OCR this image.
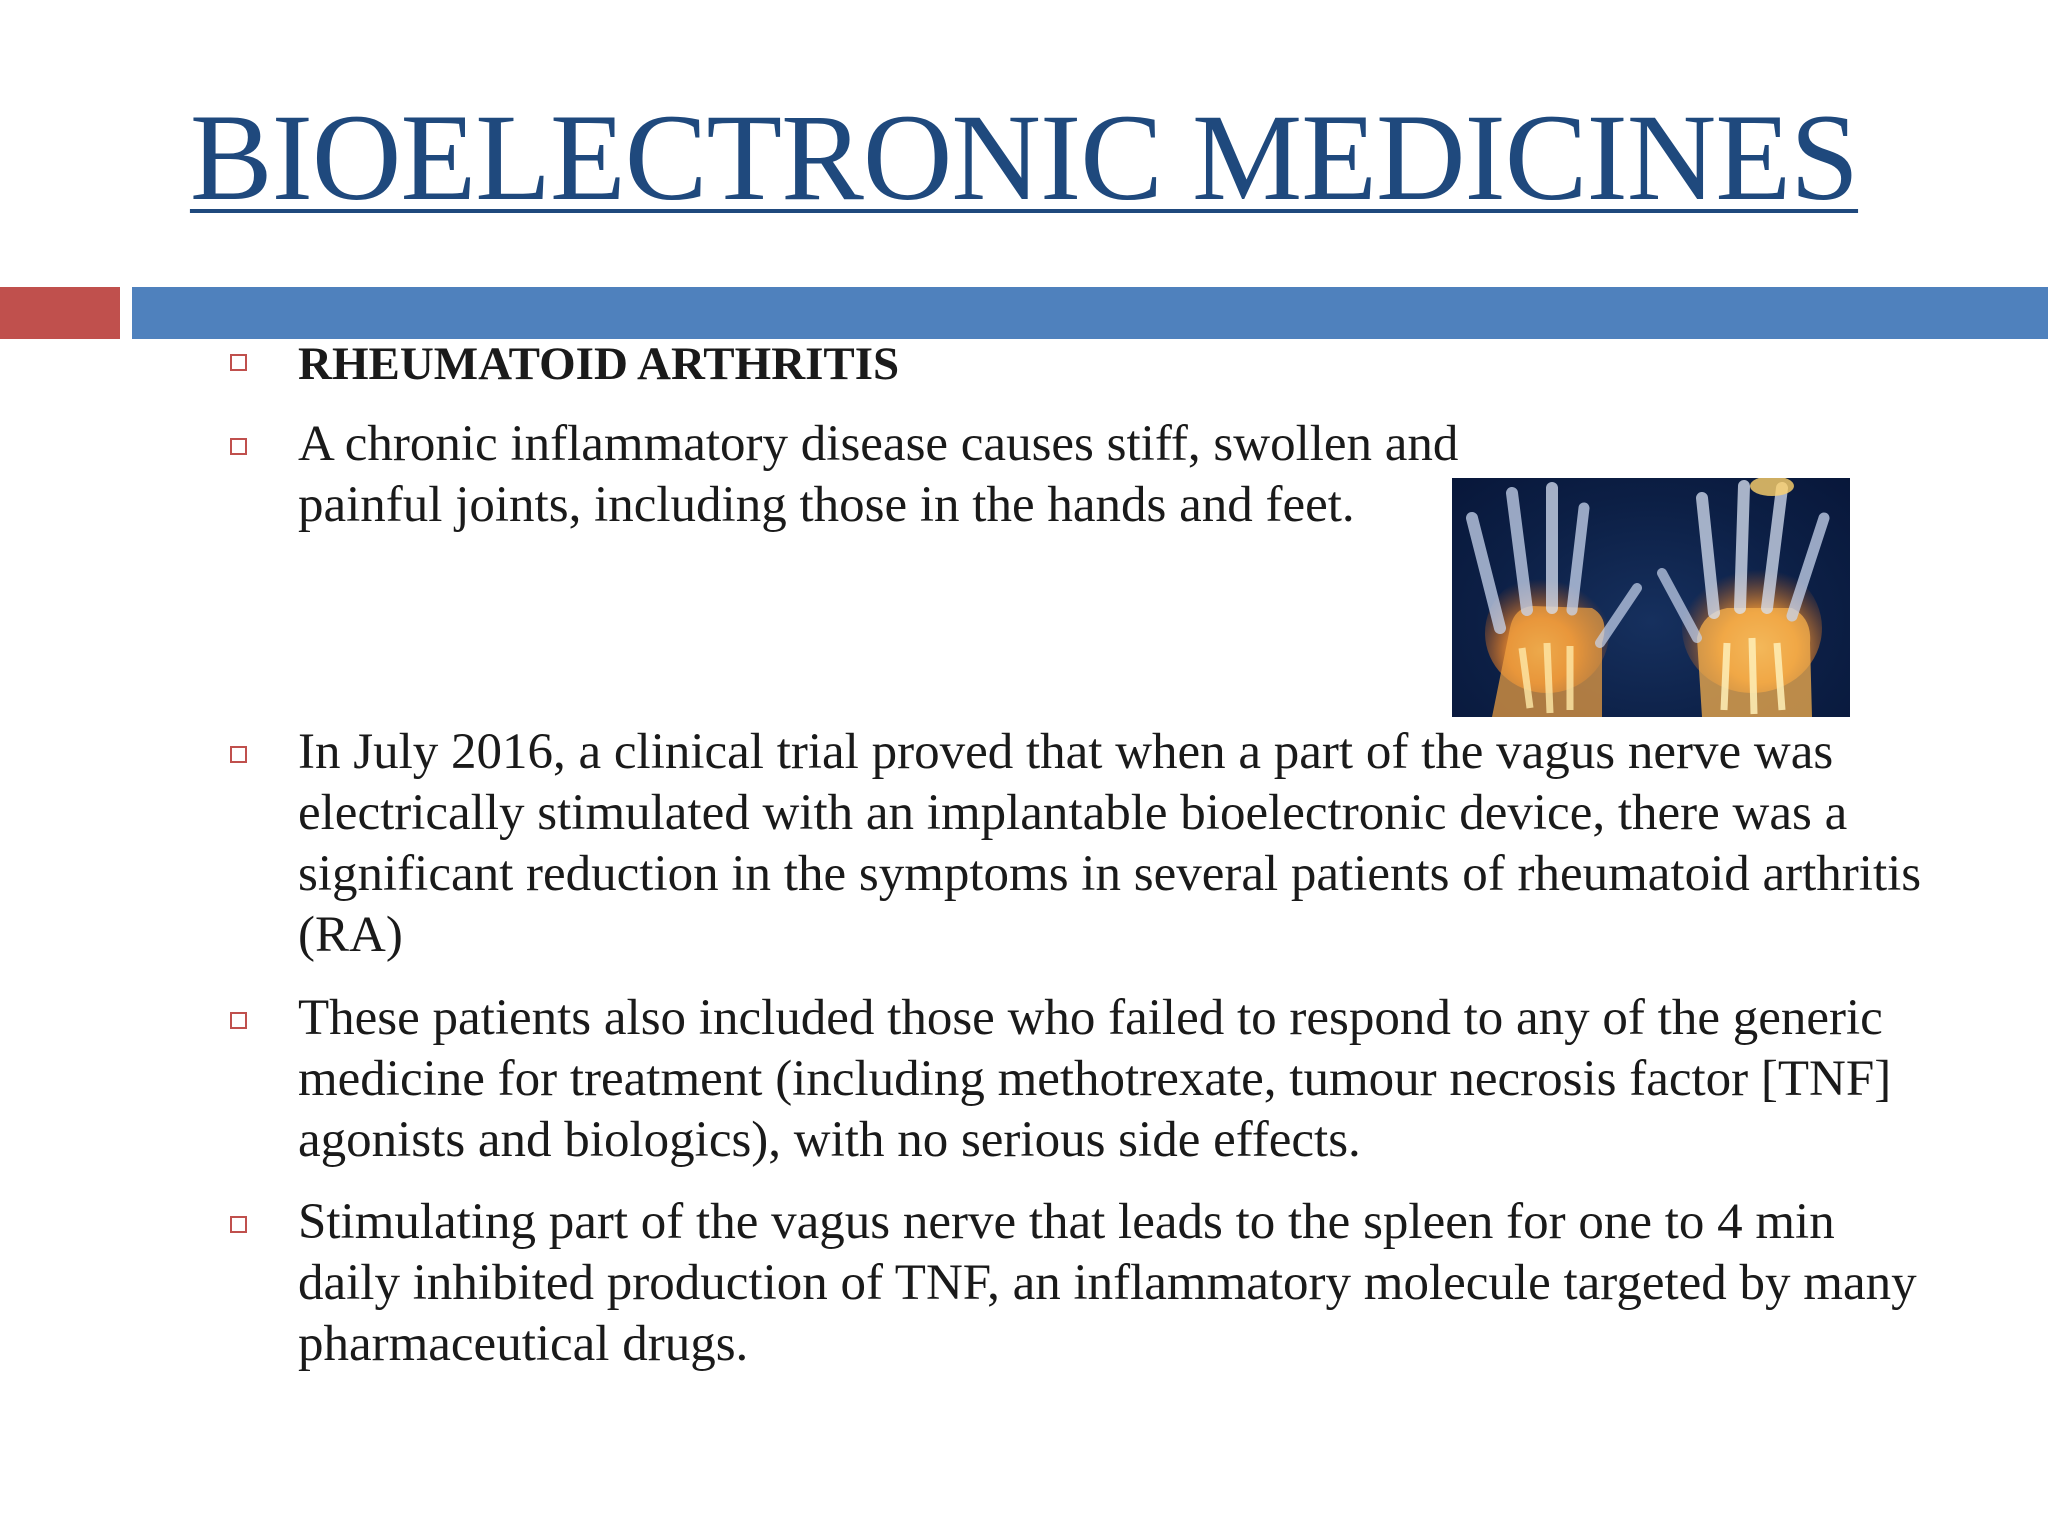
BIOELECTRONIC MEDICINES

RHEUMATOID ARTHRITIS

A chronic inflammatory disease causes stiff, swollen and painful joints, including those in the hands and feet.

In July 2016, a clinical trial proved that when a part of the vagus nerve was electrically stimulated with an implantable bioelectronic device, there was a significant reduction in the symptoms in several patients of rheumatoid arthritis (RA)

These patients also included those who failed to respond to any of the generic medicine for treatment (including methotrexate, tumour necrosis factor [TNF] agonists and biologics), with no serious side effects.

Stimulating part of the vagus nerve that leads to the spleen for one to 4 min daily inhibited production of TNF, an inflammatory molecule targeted by many pharmaceutical drugs.
